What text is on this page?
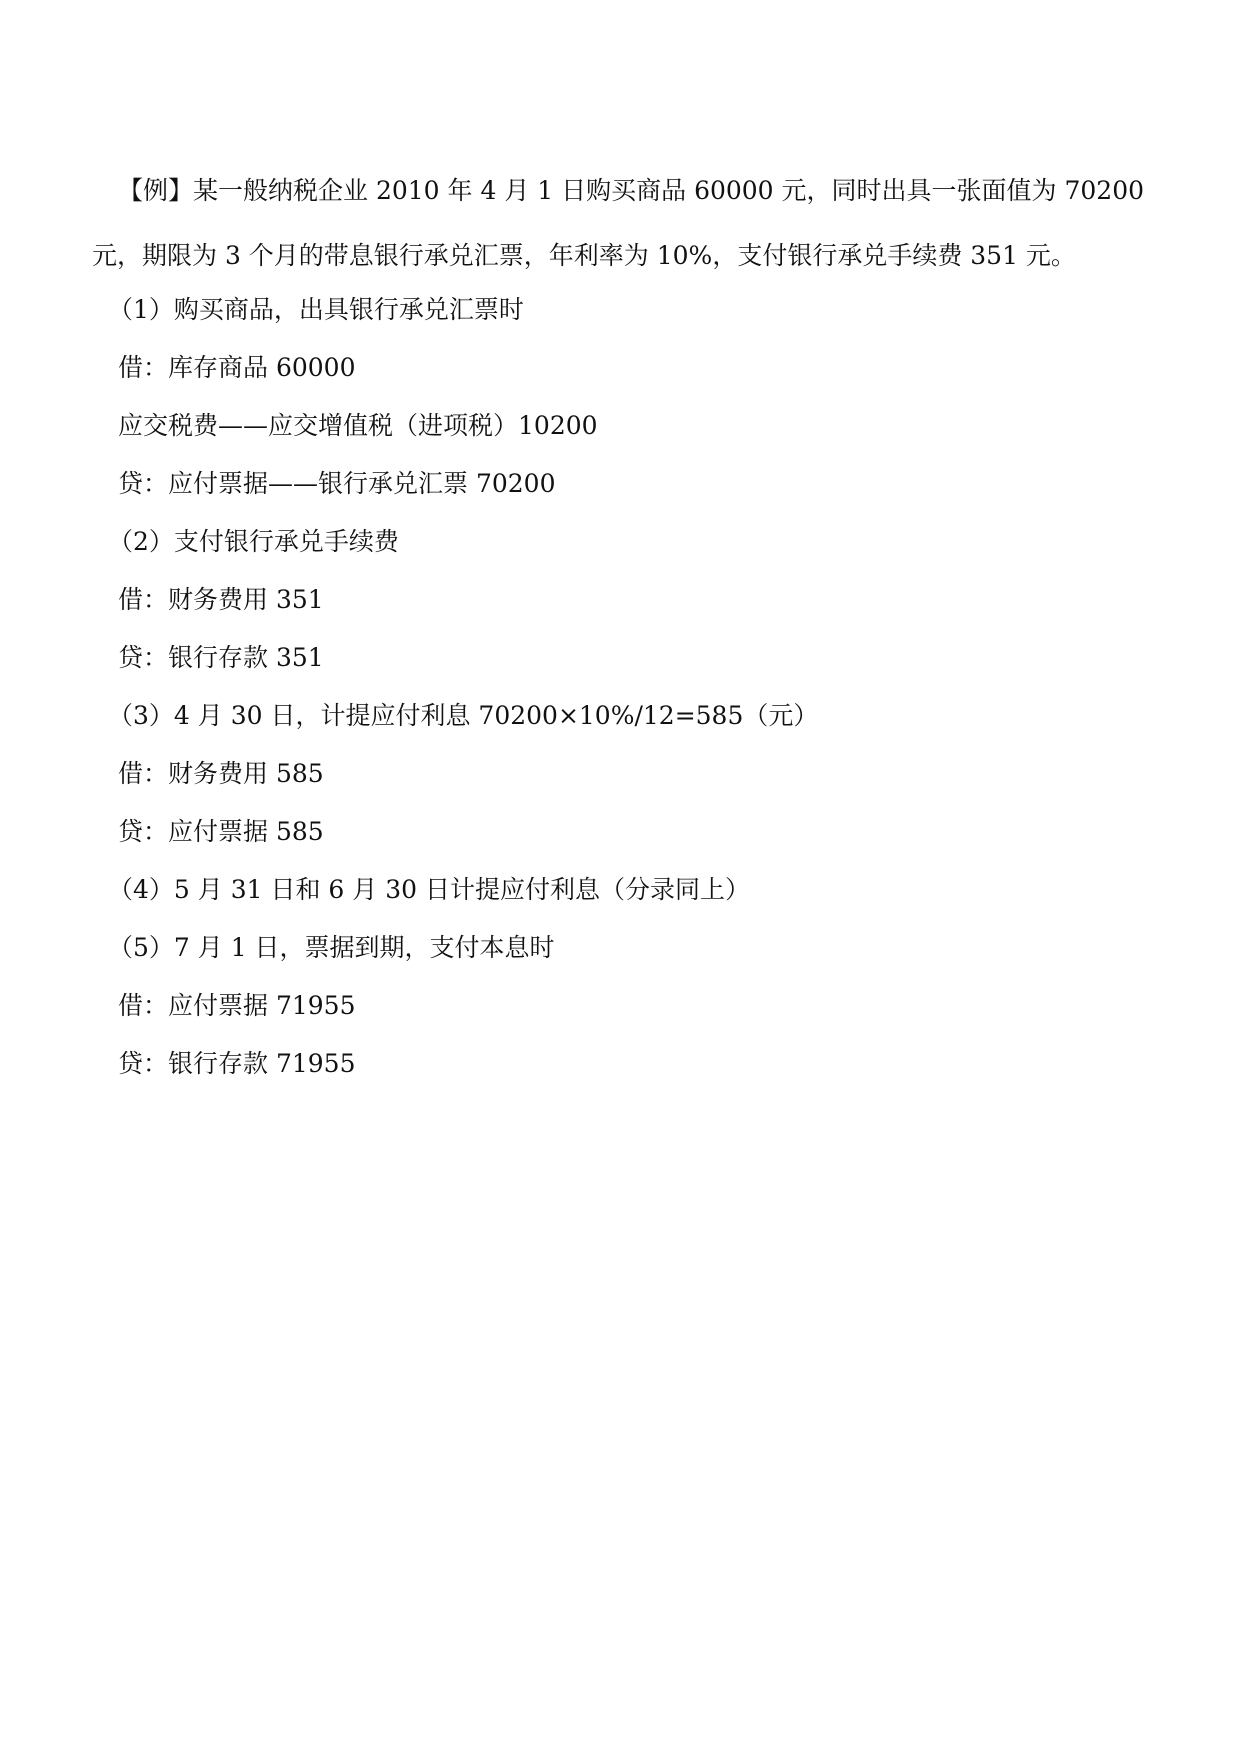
【例】某一般纳税企业 2010 年 4 月 1 日购买商品 60000 元，同时出具一张面值为 70200 元，期限为 3 个月的带息银行承兑汇票，年利率为 10%，支付银行承兑手续费 351 元。
（1）购买商品，出具银行承兑汇票时
借：库存商品 60000
应交税费——应交增值税（进项税）10200
贷：应付票据——银行承兑汇票 70200
（2）支付银行承兑手续费
借：财务费用 351
贷：银行存款 351
（3）4 月 30 日，计提应付利息 70200×10%/12=585（元）
借：财务费用 585
贷：应付票据 585
（4）5 月 31 日和 6 月 30 日计提应付利息（分录同上）
（5）7 月 1 日，票据到期，支付本息时
借：应付票据 71955
贷：银行存款 71955
